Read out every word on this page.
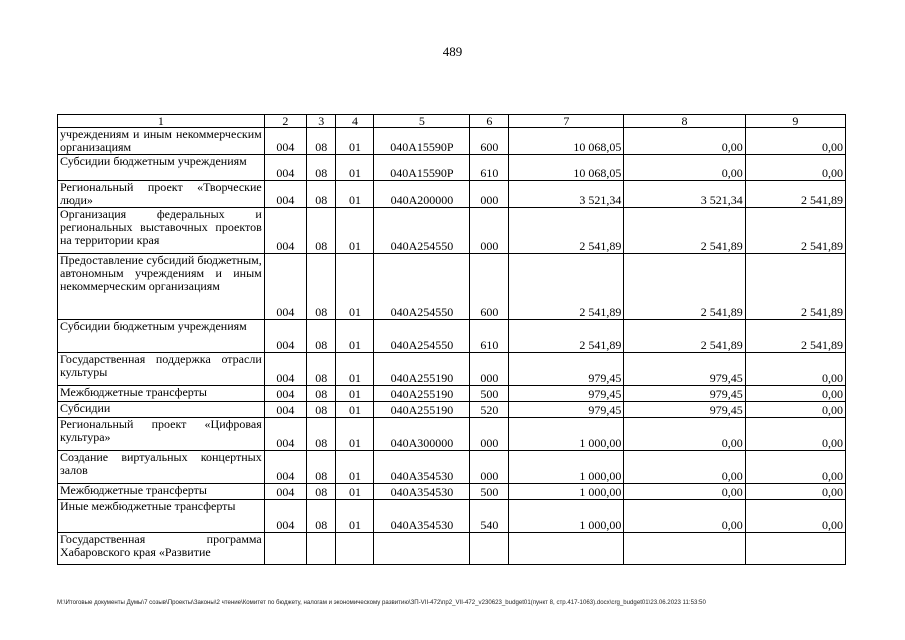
489
1	2	3	4	5	6	7	8	9
учреждениям и иным некоммерческим организациям	004	08	01	040A15590P	600	10 068,05	0,00	0,00
Субсидии бюджетным учреждениям	004	08	01	040A15590P	610	10 068,05	0,00	0,00
Региональный проект «Творческие люди»	004	08	01	040A200000	000	3 521,34	3 521,34	2 541,89
Организация федеральных и региональных выставочных проектов на территории края	004	08	01	040A254550	000	2 541,89	2 541,89	2 541,89
Предоставление субсидий бюджетным, автономным учреждениям и иным некоммерческим организациям	004	08	01	040A254550	600	2 541,89	2 541,89	2 541,89
Субсидии бюджетным учреждениям	004	08	01	040A254550	610	2 541,89	2 541,89	2 541,89
Государственная поддержка отрасли культуры	004	08	01	040A255190	000	979,45	979,45	0,00
Межбюджетные трансферты	004	08	01	040A255190	500	979,45	979,45	0,00
Субсидии	004	08	01	040A255190	520	979,45	979,45	0,00
Региональный проект «Цифровая культура»	004	08	01	040A300000	000	1 000,00	0,00	0,00
Создание виртуальных концертных залов	004	08	01	040A354530	000	1 000,00	0,00	0,00
Межбюджетные трансферты	004	08	01	040A354530	500	1 000,00	0,00	0,00
Иные межбюджетные трансферты	004	08	01	040A354530	540	1 000,00	0,00	0,00
Государственная программа Хабаровского края «Развитие								
М:\Итоговые документы Думы\7 созыв\Проекты\Законы\2 чтение\Комитет по бюджету, налогам и экономическому развитию\ЗП-VII-472\пр2_VII-472_v230623_budget01(пункт 8, стр.417-1063).docx\crg_budget01\23.06.2023 11:53:50
